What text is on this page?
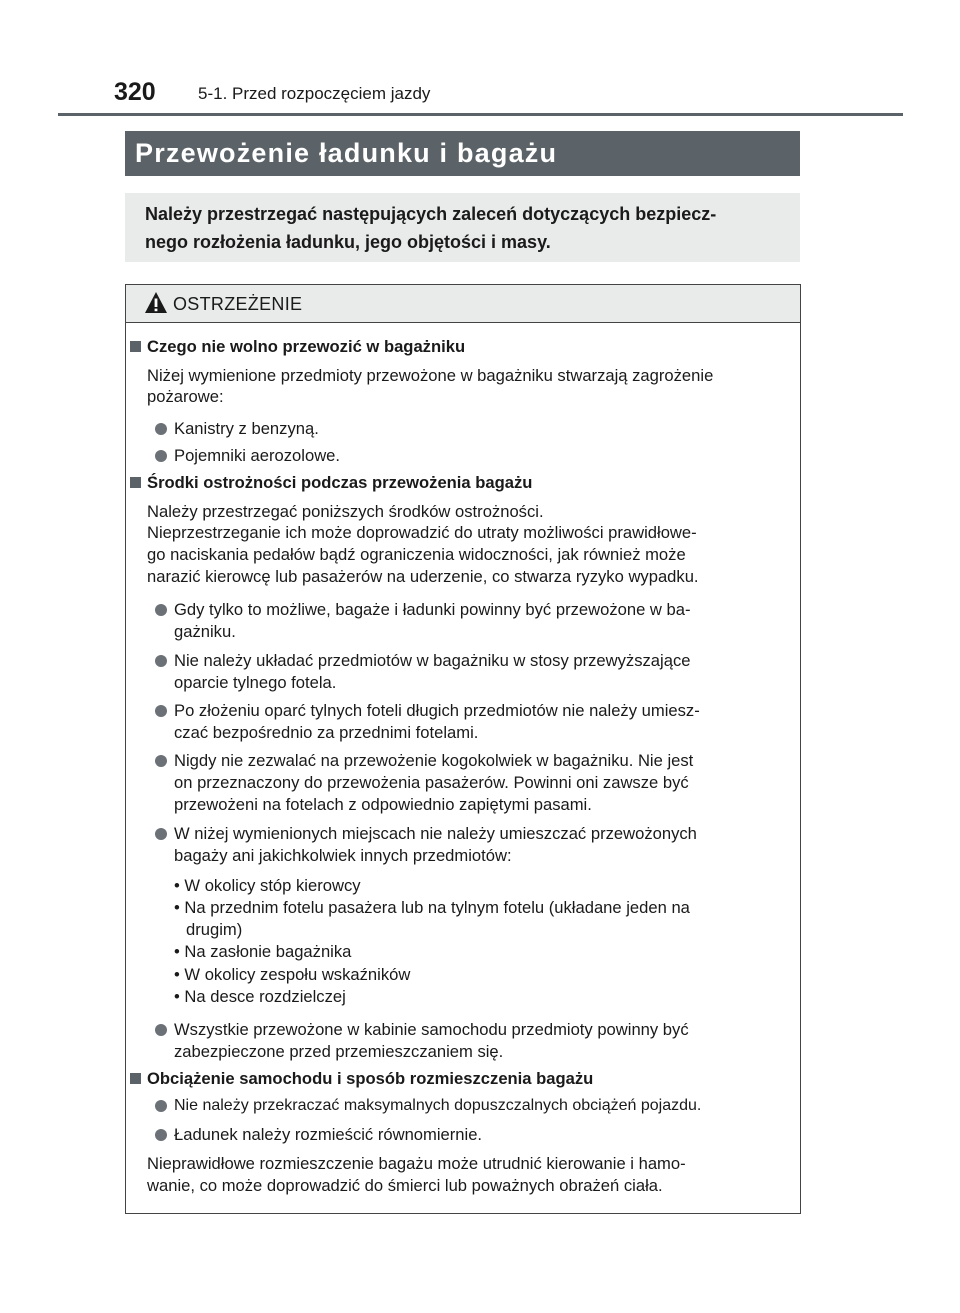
320 5-1. Przed rozpoczęciem jazdy
Przewożenie ładunku i bagażu
Należy przestrzegać następujących zaleceń dotyczących bezpiecz-
nego rozłożenia ładunku, jego objętości i masy.
OSTRZEŻENIE
Czego nie wolno przewozić w bagażniku
Niżej wymienione przedmioty przewożone w bagażniku stwarzają zagrożenie
pożarowe:
Kanistry z benzyną.
Pojemniki aerozolowe.
Środki ostrożności podczas przewożenia bagażu
Należy przestrzegać poniższych środków ostrożności.
Nieprzestrzeganie ich może doprowadzić do utraty możliwości prawidłowe-
go naciskania pedałów bądź ograniczenia widoczności, jak również może
narazić kierowcę lub pasażerów na uderzenie, co stwarza ryzyko wypadku.
Gdy tylko to możliwe, bagaże i ładunki powinny być przewożone w ba-
gażniku.
Nie należy układać przedmiotów w bagażniku w stosy przewyższające
oparcie tylnego fotela.
Po złożeniu oparć tylnych foteli długich przedmiotów nie należy umiesz-
czać bezpośrednio za przednimi fotelami.
Nigdy nie zezwalać na przewożenie kogokolwiek w bagażniku. Nie jest
on przeznaczony do przewożenia pasażerów. Powinni oni zawsze być
przewożeni na fotelach z odpowiednio zapiętymi pasami.
W niżej wymienionych miejscach nie należy umieszczać przewożonych
bagaży ani jakichkolwiek innych przedmiotów:
• W okolicy stóp kierowcy
• Na przednim fotelu pasażera lub na tylnym fotelu (układane jeden na
drugim)
• Na zasłonie bagażnika
• W okolicy zespołu wskaźników
• Na desce rozdzielczej
Wszystkie przewożone w kabinie samochodu przedmioty powinny być
zabezpieczone przed przemieszczaniem się.
Obciążenie samochodu i sposób rozmieszczenia bagażu
Nie należy przekraczać maksymalnych dopuszczalnych obciążeń pojazdu.
Ładunek należy rozmieścić równomiernie.
Nieprawidłowe rozmieszczenie bagażu może utrudnić kierowanie i hamo-
wanie, co może doprowadzić do śmierci lub poważnych obrażeń ciała.
